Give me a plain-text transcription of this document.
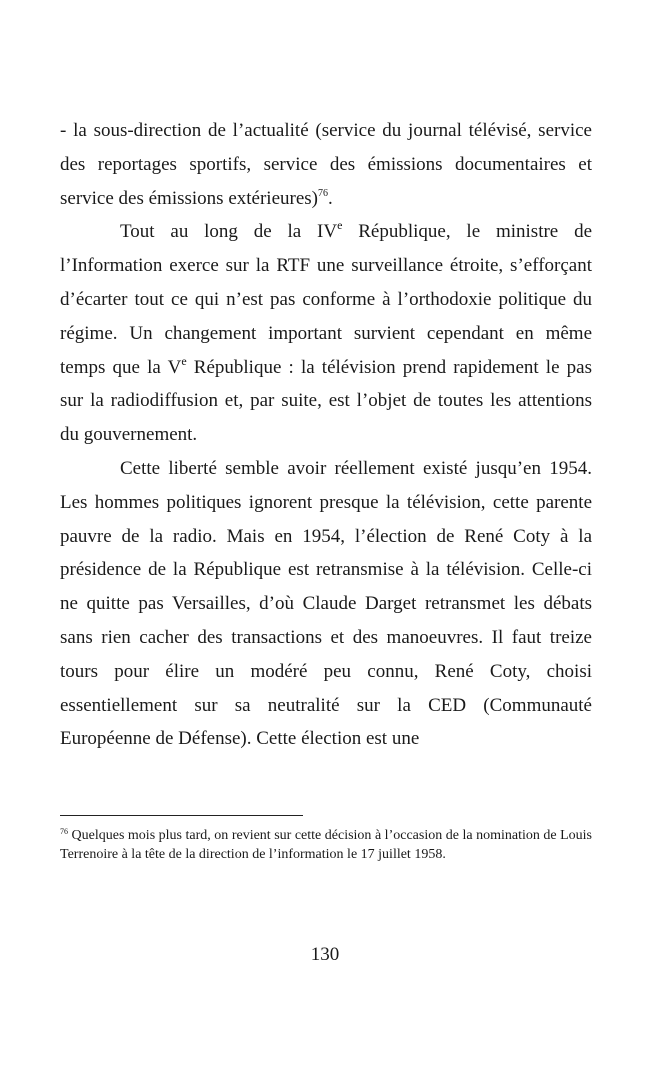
- la sous-direction de l’actualité (service du journal télévisé, service des reportages sportifs, service des émissions documentaires et service des émissions extérieures)$^{76}$.

Tout au long de la IVe République, le ministre de l’Information exerce sur la RTF une surveillance étroite, s’efforçant d’écarter tout ce qui n’est pas conforme à l’orthodoxie politique du régime. Un changement important survient cependant en même temps que la Ve République : la télévision prend rapidement le pas sur la radiodiffusion et, par suite, est l’objet de toutes les attentions du gouvernement.

Cette liberté semble avoir réellement existé jusqu’en 1954. Les hommes politiques ignorent presque la télévision, cette parente pauvre de la radio. Mais en 1954, l’élection de René Coty à la présidence de la République est retransmise à la télévision. Celle-ci ne quitte pas Versailles, d’où Claude Darget retransmet les débats sans rien cacher des transactions et des manoeuvres. Il faut treize tours pour élire un modéré peu connu, René Coty, choisi essentiellement sur sa neutralité sur la CED (Communauté Européenne de Défense). Cette élection est une

$^{76}$ Quelques mois plus tard, on revient sur cette décision à l’occasion de la nomination de Louis Terrenoire à la tête de la direction de l’information le 17 juillet 1958.

130
